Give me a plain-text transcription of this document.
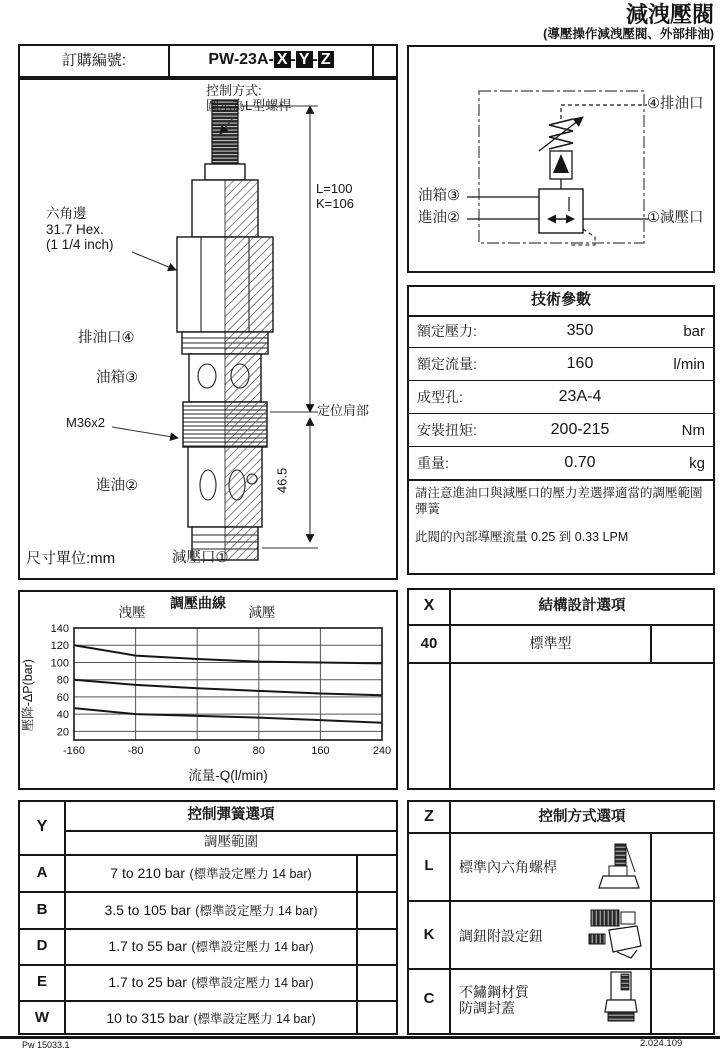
減洩壓閥
(導壓操作減洩壓閥、外部排油)
訂購編號:	PW-23A- X - Y - Z
控制方式:
圖示為L型螺桿
六角邊
31.7 Hex.
(1 1/4 inch)
排油口④
油箱③
M36x2
進油②
減壓口①
尺寸單位:mm
L=100
K=106
定位肩部
46.5
④排油口
油箱③
進油②	①減壓口
技術參數
額定壓力:	350	bar
額定流量:	160	l/min
成型孔:	23A-4
安裝扭矩:	200-215	Nm
重量:	0.70	kg
請注意進油口與減壓口的壓力差選擇適當的調壓範圍彈簧
此閥的內部導壓流量 0.25 到 0.33 LPM
調壓曲線
洩壓	減壓
-160	-80	0	80	160	240
20
40
60
80
100
120
140
流量-Q(l/min)
壓降-ΔP(bar)
X	結構設計選項
40	標準型
Y
控制彈簧選項
調壓範圍
A	7 to 210 bar (標準設定壓力 14 bar)
B	3.5 to 105 bar (標準設定壓力 14 bar)
D	1.7 to 55 bar (標準設定壓力 14 bar)
E	1.7 to 25 bar (標準設定壓力 14 bar)
W	10 to 315 bar (標準設定壓力 14 bar)
Z	控制方式選項
L	標準內六角螺桿
K	調鈕附設定鈕
C	不鏽鋼材質
防調封蓋
Pw 15033.1	2.024.109
